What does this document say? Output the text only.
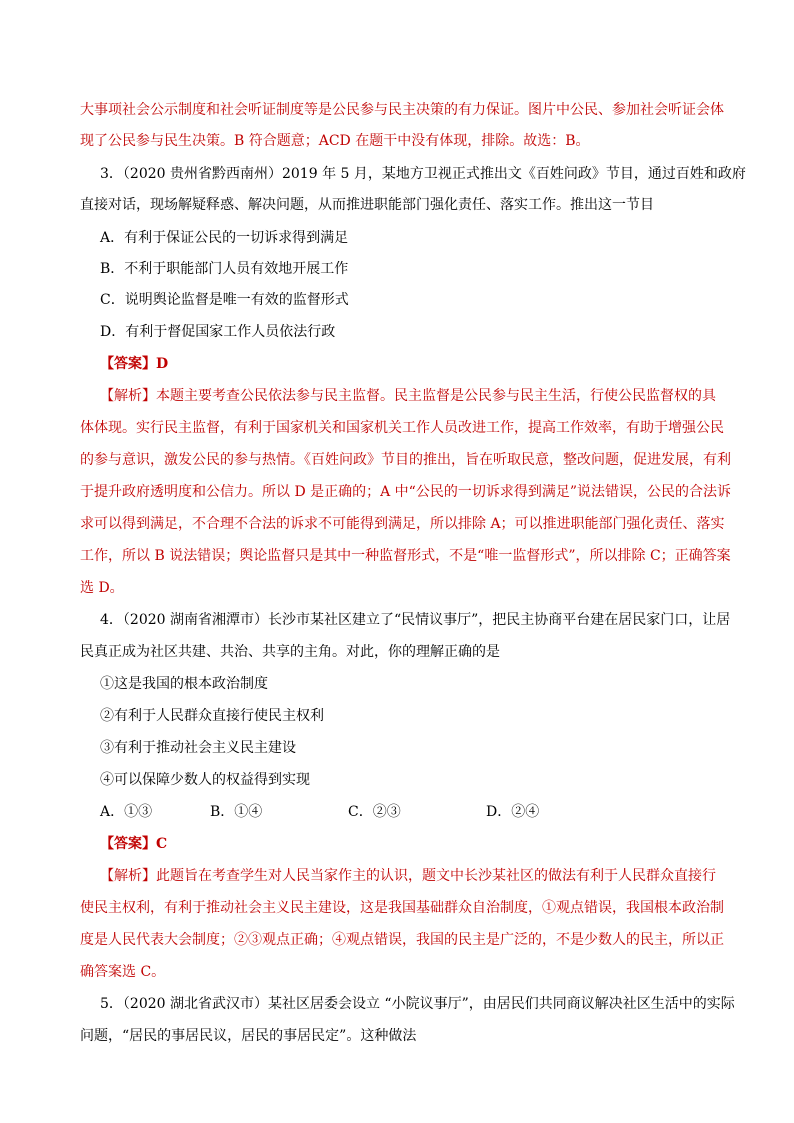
大事项社会公示制度和社会听证制度等是公民参与民主决策的有力保证。图片中公民、参加社会听证会体
现了公民参与民生决策。B 符合题意；ACD 在题干中没有体现，排除。故选：B。
3．（2020 贵州省黔西南州）2019 年 5 月，某地方卫视正式推出文《百姓问政》节目，通过百姓和政府
直接对话，现场解疑释惑、解决问题，从而推进职能部门强化责任、落实工作。推出这一节目
A．有利于保证公民的一切诉求得到满足
B．不利于职能部门人员有效地开展工作
C．说明舆论监督是唯一有效的监督形式
D．有利于督促国家工作人员依法行政
【答案】D
【解析】本题主要考查公民依法参与民主监督。民主监督是公民参与民主生活，行使公民监督权的具
体体现。实行民主监督，有利于国家机关和国家机关工作人员改进工作，提高工作效率，有助于增强公民
的参与意识，激发公民的参与热情。《百姓问政》节目的推出，旨在听取民意，整改问题，促进发展，有利
于提升政府透明度和公信力。所以 D 是正确的；A 中“公民的一切诉求得到满足”说法错误，公民的合法诉
求可以得到满足，不合理不合法的诉求不可能得到满足，所以排除 A；可以推进职能部门强化责任、落实
工作，所以 B 说法错误；舆论监督只是其中一种监督形式，不是“唯一监督形式”，所以排除 C；正确答案
选 D。
4．（2020 湖南省湘潭市）长沙市某社区建立了“民情议事厅”，把民主协商平台建在居民家门口，让居
民真正成为社区共建、共治、共享的主角。对此，你的理解正确的是
①这是我国的根本政治制度
②有利于人民群众直接行使民主权利
③有利于推动社会主义民主建设
④可以保障少数人的权益得到实现
A．①③	B．①④	C．②③	D．②④
【答案】C
【解析】此题旨在考查学生对人民当家作主的认识，题文中长沙某社区的做法有利于人民群众直接行
使民主权利，有利于推动社会主义民主建设，这是我国基础群众自治制度，①观点错误，我国根本政治制
度是人民代表大会制度；②③观点正确；④观点错误，我国的民主是广泛的，不是少数人的民主，所以正
确答案选 C。
5．（2020 湖北省武汉市）某社区居委会设立 “小院议事厅”，由居民们共同商议解决社区生活中的实际
问题，“居民的事居民议，居民的事居民定”。这种做法
